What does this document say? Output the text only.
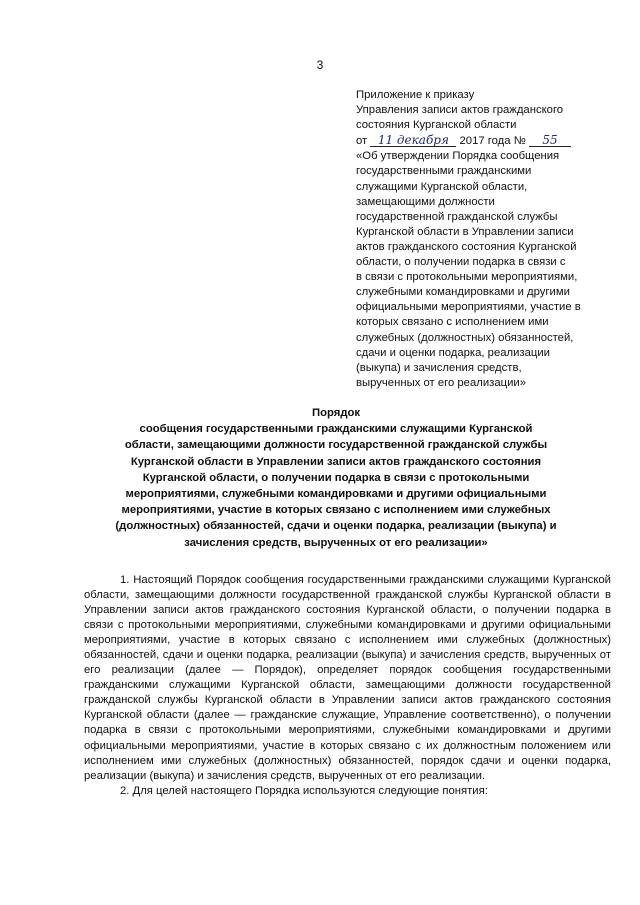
3
Приложение к приказу
Управления записи актов гражданского
состояния Курганской области
от 11 декабря 2017 года № 55
«Об утверждении Порядка сообщения
государственными гражданскими
служащими Курганской области,
замещающими должности
государственной гражданской службы
Курганской области в Управлении записи
актов гражданского состояния Курганской
области, о получении подарка в связи с
в связи с протокольными мероприятиями,
служебными командировками и другими
официальными мероприятиями, участие в
которых связано с исполнением ими
служебных (должностных) обязанностей,
сдачи и оценки подарка, реализации
(выкупа) и зачисления средств,
вырученных от его реализации»
Порядок
сообщения государственными гражданскими служащими Курганской
области, замещающими должности государственной гражданской службы
Курганской области в Управлении записи актов гражданского состояния
Курганской области, о получении подарка в связи с протокольными
мероприятиями, служебными командировками и другими официальными
мероприятиями, участие в которых связано с исполнением ими служебных
(должностных) обязанностей, сдачи и оценки подарка, реализации (выкупа) и
зачисления средств, вырученных от его реализации»

1. Настоящий Порядок сообщения государственными гражданскими служащими Курганской области, замещающими должности государственной гражданской службы Курганской области в Управлении записи актов гражданского состояния Курганской области, о получении подарка в связи с протокольными мероприятиями, служебными командировками и другими официальными мероприятиями, участие в которых связано с исполнением ими служебных (должностных) обязанностей, сдачи и оценки подарка, реализации (выкупа) и зачисления средств, вырученных от его реализации (далее — Порядок), определяет порядок сообщения государственными гражданскими служащими Курганской области, замещающими должности государственной гражданской службы Курганской области в Управлении записи актов гражданского состояния Курганской области (далее — гражданские служащие, Управление соответственно), о получении подарка в связи с протокольными мероприятиями, служебными командировками и другими официальными мероприятиями, участие в которых связано с их должностным положением или исполнением ими служебных (должностных) обязанностей, порядок сдачи и оценки подарка, реализации (выкупа) и зачисления средств, вырученных от его реализации.

2. Для целей настоящего Порядка используются следующие понятия:
